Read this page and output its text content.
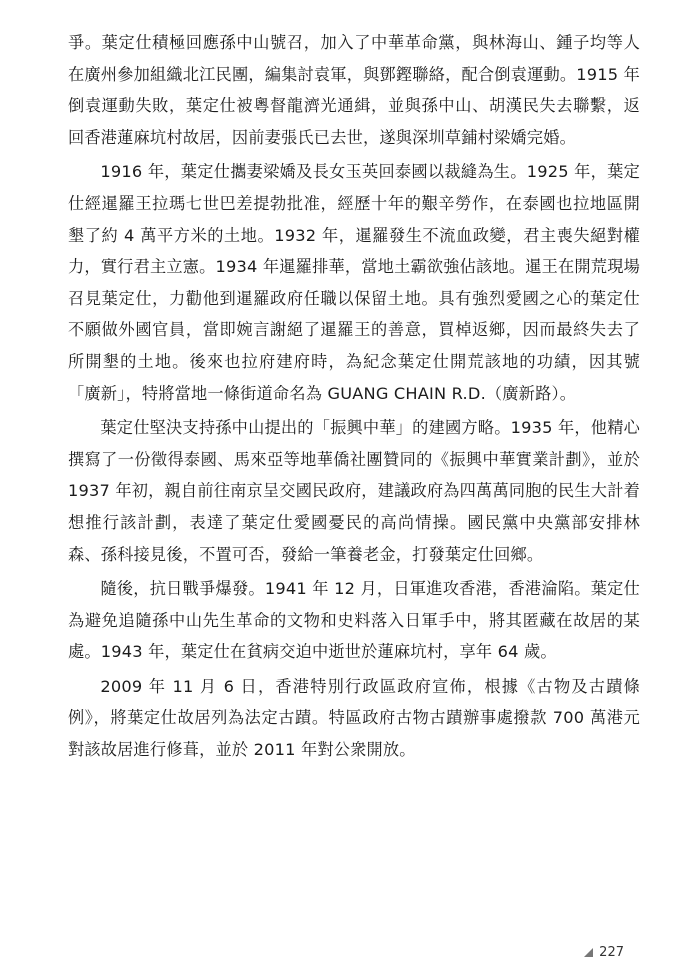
爭。葉定仕積極回應孫中山號召，加入了中華革命黨，與林海山、鍾子均等人在廣州參加組織北江民團，編集討袁軍，與鄧鏗聯絡，配合倒袁運動。1915 年倒袁運動失敗，葉定仕被粵督龍濟光通緝，並與孫中山、胡漢民失去聯繫，返回香港蓮麻坑村故居，因前妻張氏已去世，遂與深圳草鋪村梁嬌完婚。

1916 年，葉定仕攜妻梁嬌及長女玉英回泰國以裁縫為生。1925 年，葉定仕經暹羅王拉瑪七世巴差提勃批准，經歷十年的艱辛勞作，在泰國也拉地區開墾了約 4 萬平方米的土地。1932 年，暹羅發生不流血政變，君主喪失絕對權力，實行君主立憲。1934 年暹羅排華，當地土霸欲強佔該地。暹王在開荒現場召見葉定仕，力勸他到暹羅政府任職以保留土地。具有強烈愛國之心的葉定仕不願做外國官員，當即婉言謝絕了暹羅王的善意，買棹返鄉，因而最終失去了所開墾的土地。後來也拉府建府時，為紀念葉定仕開荒該地的功績，因其號「廣新」，特將當地一條街道命名為 GUANG CHAIN R.D.（廣新路）。

葉定仕堅決支持孫中山提出的「振興中華」的建國方略。1935 年，他精心撰寫了一份徵得泰國、馬來亞等地華僑社團贊同的《振興中華實業計劃》，並於 1937 年初，親自前往南京呈交國民政府，建議政府為四萬萬同胞的民生大計着想推行該計劃，表達了葉定仕愛國憂民的高尚情操。國民黨中央黨部安排林森、孫科接見後，不置可否，發給一筆養老金，打發葉定仕回鄉。

隨後，抗日戰爭爆發。1941 年 12 月，日軍進攻香港，香港淪陷。葉定仕為避免追隨孫中山先生革命的文物和史料落入日軍手中，將其匿藏在故居的某處。1943 年，葉定仕在貧病交迫中逝世於蓮麻坑村，享年 64 歲。

2009 年 11 月 6 日，香港特別行政區政府宣佈，根據《古物及古蹟條例》，將葉定仕故居列為法定古蹟。特區政府古物古蹟辦事處撥款 700 萬港元對該故居進行修葺，並於 2011 年對公衆開放。

227
